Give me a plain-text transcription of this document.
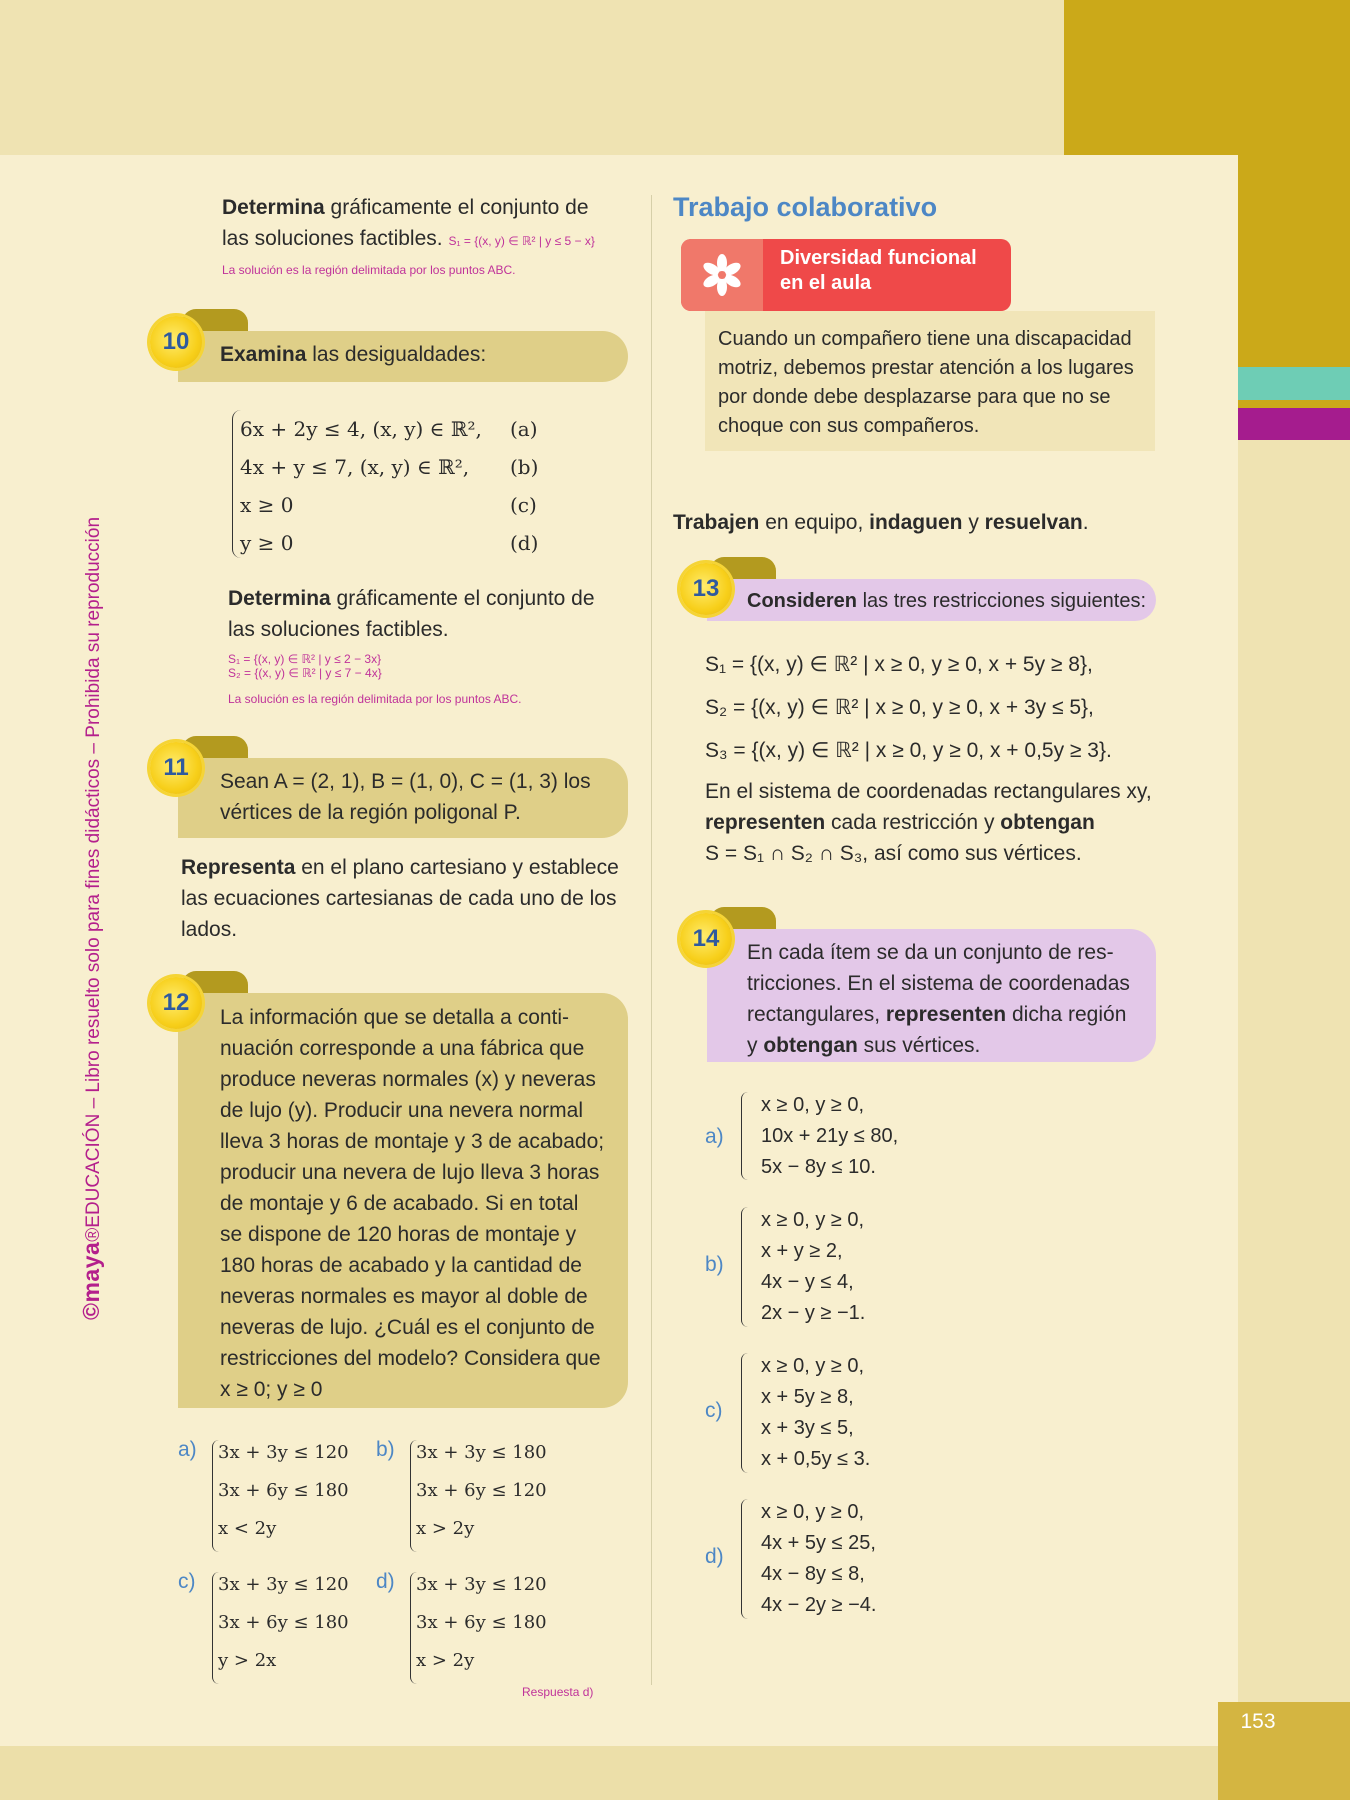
153
©maya®EDUCACIÓN – Libro resuelto solo para fines didácticos – Prohibida su reproducción
Determina gráficamente el conjunto de
las soluciones factibles. S₁ = {(x, y) ∈ ℝ² | y ≤ 5 − x}
La solución es la región delimitada por los puntos ABC.
10	Examina las desigualdades:
6x + 2y ≤ 4, (x, y) ∈ ℝ², (a)
4x + y ≤ 7, (x, y) ∈ ℝ², (b)
x ≥ 0	(c)
y ≥ 0	(d)
Determina gráficamente el conjunto de
las soluciones factibles.
S₁ = {(x, y) ∈ ℝ² | y ≤ 2 − 3x}
S₂ = {(x, y) ∈ ℝ² | y ≤ 7 − 4x}
La solución es la región delimitada por los puntos ABC.
11
Sean A = (2, 1), B = (1, 0), C = (1, 3) los
vértices de la región poligonal P.
Representa en el plano cartesiano y establece
las ecuaciones cartesianas de cada uno de los
lados.
12
La información que se detalla a conti-
nuación corresponde a una fábrica que
produce neveras normales (x) y neveras
de lujo (y). Producir una nevera normal
lleva 3 horas de montaje y 3 de acabado;
producir una nevera de lujo lleva 3 horas
de montaje y 6 de acabado. Si en total
se dispone de 120 horas de montaje y
180 horas de acabado y la cantidad de
neveras normales es mayor al doble de
neveras de lujo. ¿Cuál es el conjunto de
restricciones del modelo? Considera que
x ≥ 0; y ≥ 0
a) 3x + 3y ≤ 120
3x + 6y ≤ 180
x < 2y
b) 3x + 3y ≤ 180
3x + 6y ≤ 120
x > 2y
c) 3x + 3y ≤ 120
3x + 6y ≤ 180
y > 2x
d) 3x + 3y ≤ 120
3x + 6y ≤ 180
x > 2y
Respuesta d)
Trabajo colaborativo
Diversidad funcional
en el aula
Cuando un compañero tiene una discapacidad
motriz, debemos prestar atención a los lugares
por donde debe desplazarse para que no se
choque con sus compañeros.
Trabajen en equipo, indaguen y resuelvan.
13	Consideren las tres restricciones siguientes:
S₁ = {(x, y) ∈ ℝ² | x ≥ 0, y ≥ 0, x + 5y ≥ 8},
S₂ = {(x, y) ∈ ℝ² | x ≥ 0, y ≥ 0, x + 3y ≤ 5},
S₃ = {(x, y) ∈ ℝ² | x ≥ 0, y ≥ 0, x + 0,5y ≥ 3}.
En el sistema de coordenadas rectangulares xy,
representen cada restricción y obtengan
S = S₁ ∩ S₂ ∩ S₃, así como sus vértices.
14
En cada ítem se da un conjunto de res-
tricciones. En el sistema de coordenadas
rectangulares, representen dicha región
y obtengan sus vértices.
a)
x ≥ 0, y ≥ 0,
10x + 21y ≤ 80,
5x − 8y ≤ 10.
b)
x ≥ 0, y ≥ 0,
x + y ≥ 2,
4x − y ≤ 4,
2x − y ≥ −1.
c)
x ≥ 0, y ≥ 0,
x + 5y ≥ 8,
x + 3y ≤ 5,
x + 0,5y ≤ 3.
d)
x ≥ 0, y ≥ 0,
4x + 5y ≤ 25,
4x − 8y ≤ 8,
4x − 2y ≥ −4.
